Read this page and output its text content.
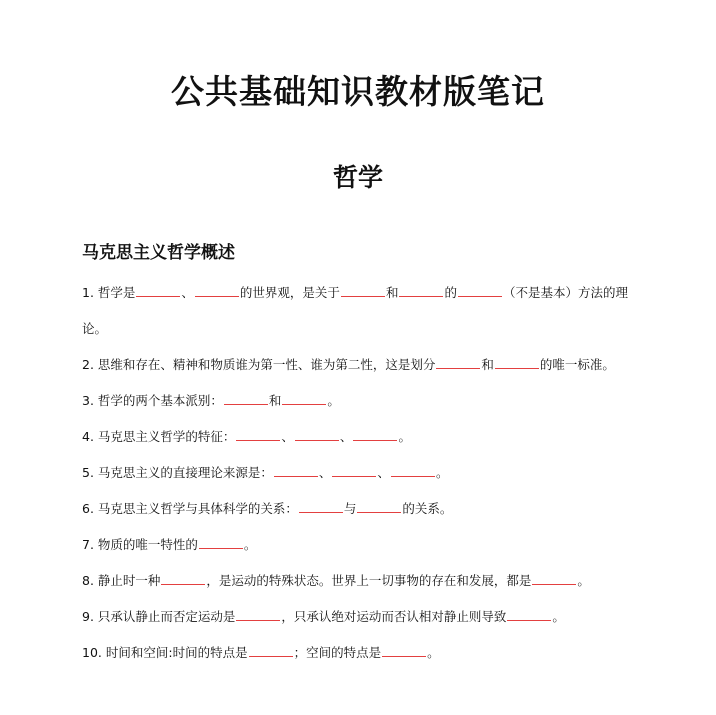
公共基础知识教材版笔记
哲学
马克思主义哲学概述
1. 哲学是	、	的世界观，是关于	和	的	（不是基本）方法的理论。
2. 思维和存在、精神和物质谁为第一性、谁为第二性，这是划分	和	的唯一标准。
3. 哲学的两个基本派别：	和	。
4. 马克思主义哲学的特征：	、	、	。
5. 马克思主义的直接理论来源是：	、	、	。
6. 马克思主义哲学与具体科学的关系：	与	的关系。
7. 物质的唯一特性的	。
8. 静止时一种	，是运动的特殊状态。世界上一切事物的存在和发展，都是	。
9. 只承认静止而否定运动是	，只承认绝对运动而否认相对静止则导致	。
10. 时间和空间:时间的特点是	；空间的特点是	。
